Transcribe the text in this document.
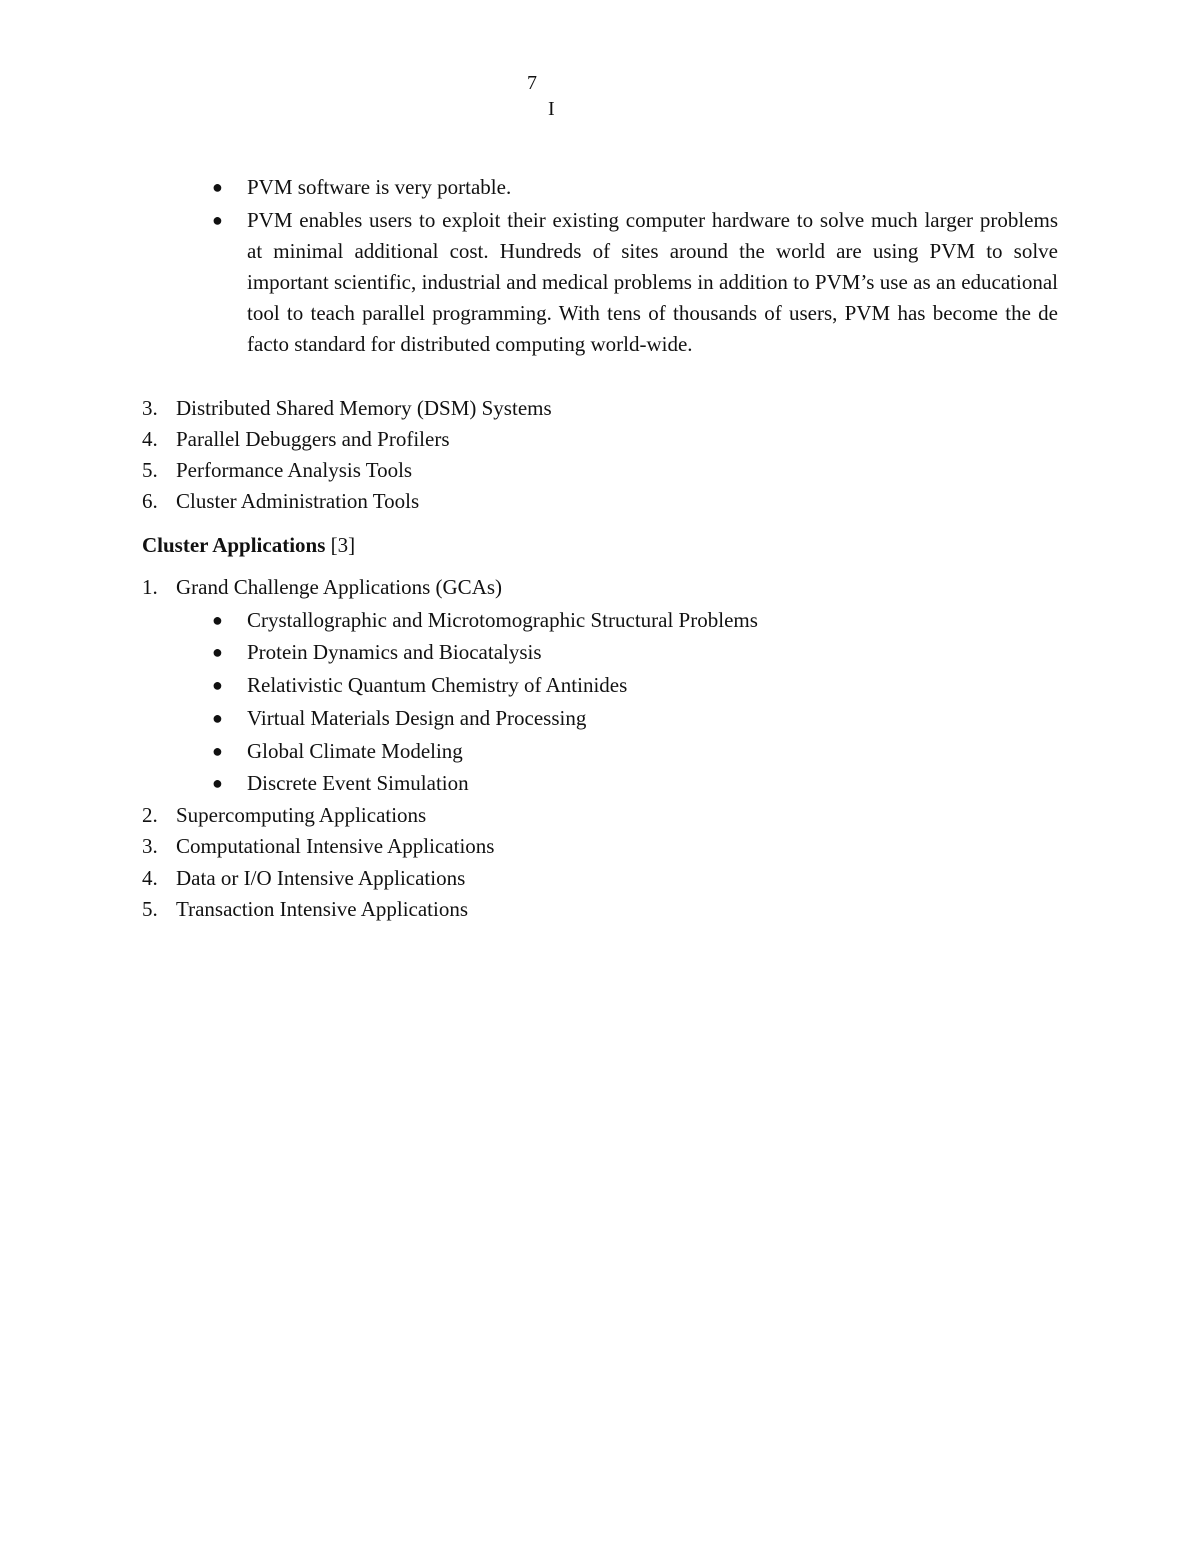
7
I
●	PVM software is very portable.
●	PVM enables users to exploit their existing computer hardware to solve much larger problems at minimal additional cost. Hundreds of sites around the world are using PVM to solve important scientific, industrial and medical problems in addition to PVM’s use as an educational tool to teach parallel programming. With tens of thousands of users, PVM has become the de facto standard for distributed computing world-wide.
3. Distributed Shared Memory (DSM) Systems
4. Parallel Debuggers and Profilers
5. Performance Analysis Tools
6. Cluster Administration Tools
Cluster Applications [3]
1. Grand Challenge Applications (GCAs)
●	Crystallographic and Microtomographic Structural Problems
●	Protein Dynamics and Biocatalysis
●	Relativistic Quantum Chemistry of Antinides
●	Virtual Materials Design and Processing
●	Global Climate Modeling
●	Discrete Event Simulation
2. Supercomputing Applications
3. Computational Intensive Applications
4. Data or I/O Intensive Applications
5. Transaction Intensive Applications
